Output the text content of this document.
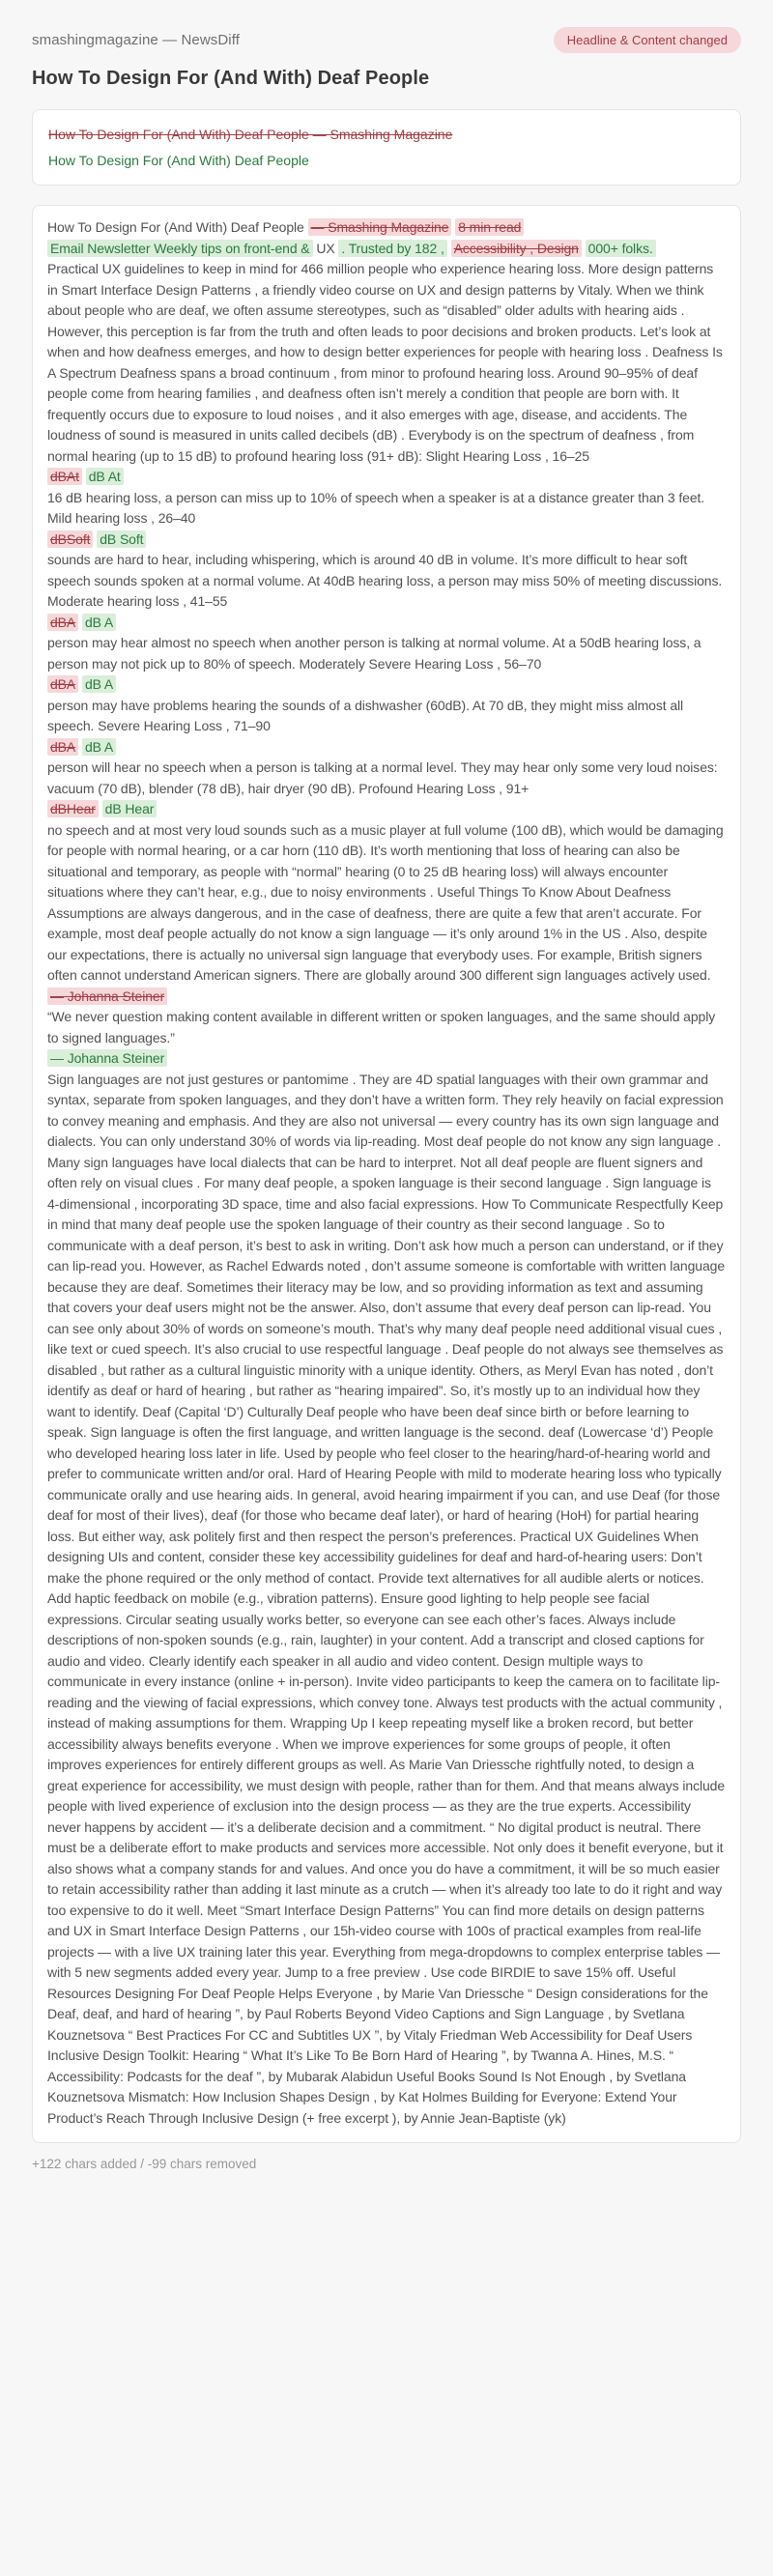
smashingmagazine — NewsDiff	Headline & Content changed
How To Design For (And With) Deaf People
How To Design For (And With) Deaf People — Smashing Magazine
How To Design For (And With) Deaf People
How To Design For (And With) Deaf People — Smashing Magazine 8 min read
Email Newsletter Weekly tips on front-end & UX . Trusted by 182 , Accessibility , Design 000+ folks.
Practical UX guidelines to keep in mind for 466 million people who experience hearing loss. More design patterns in Smart Interface Design Patterns , a friendly video course on UX and design patterns by Vitaly. When we think about people who are deaf, we often assume stereotypes, such as “disabled” older adults with hearing aids . However, this perception is far from the truth and often leads to poor decisions and broken products. Let’s look at when and how deafness emerges, and how to design better experiences for people with hearing loss . Deafness Is A Spectrum Deafness spans a broad continuum , from minor to profound hearing loss. Around 90–95% of deaf people come from hearing families , and deafness often isn’t merely a condition that people are born with. It frequently occurs due to exposure to loud noises , and it also emerges with age, disease, and accidents. The loudness of sound is measured in units called decibels (dB) . Everybody is on the spectrum of deafness , from normal hearing (up to 15 dB) to profound hearing loss (91+ dB): Slight Hearing Loss , 16–25
dBAt dB At
16 dB hearing loss, a person can miss up to 10% of speech when a speaker is at a distance greater than 3 feet. Mild hearing loss , 26–40
dBSoft dB Soft
sounds are hard to hear, including whispering, which is around 40 dB in volume. It’s more difficult to hear soft speech sounds spoken at a normal volume. At 40dB hearing loss, a person may miss 50% of meeting discussions. Moderate hearing loss , 41–55
dBA dB A
person may hear almost no speech when another person is talking at normal volume. At a 50dB hearing loss, a person may not pick up to 80% of speech. Moderately Severe Hearing Loss , 56–70
dBA dB A
person may have problems hearing the sounds of a dishwasher (60dB). At 70 dB, they might miss almost all speech. Severe Hearing Loss , 71–90
dBA dB A
person will hear no speech when a person is talking at a normal level. They may hear only some very loud noises: vacuum (70 dB), blender (78 dB), hair dryer (90 dB). Profound Hearing Loss , 91+
dBHear dB Hear
no speech and at most very loud sounds such as a music player at full volume (100 dB), which would be damaging for people with normal hearing, or a car horn (110 dB). It’s worth mentioning that loss of hearing can also be situational and temporary, as people with “normal” hearing (0 to 25 dB hearing loss) will always encounter situations where they can’t hear, e.g., due to noisy environments . Useful Things To Know About Deafness Assumptions are always dangerous, and in the case of deafness, there are quite a few that aren’t accurate. For example, most deaf people actually do not know a sign language — it’s only around 1% in the US . Also, despite our expectations, there is actually no universal sign language that everybody uses. For example, British signers often cannot understand American signers. There are globally around 300 different sign languages actively used.
— Johanna Steiner
“We never question making content available in different written or spoken languages, and the same should apply to signed languages.”
— Johanna Steiner
Sign languages are not just gestures or pantomime . They are 4D spatial languages with their own grammar and syntax, separate from spoken languages, and they don’t have a written form. They rely heavily on facial expression to convey meaning and emphasis. And they are also not universal — every country has its own sign language and dialects. You can only understand 30% of words via lip-reading. Most deaf people do not know any sign language . Many sign languages have local dialects that can be hard to interpret. Not all deaf people are fluent signers and often rely on visual clues . For many deaf people, a spoken language is their second language . Sign language is 4-dimensional , incorporating 3D space, time and also facial expressions. How To Communicate Respectfully Keep in mind that many deaf people use the spoken language of their country as their second language . So to communicate with a deaf person, it’s best to ask in writing. Don’t ask how much a person can understand, or if they can lip-read you. However, as Rachel Edwards noted , don’t assume someone is comfortable with written language because they are deaf. Sometimes their literacy may be low, and so providing information as text and assuming that covers your deaf users might not be the answer. Also, don’t assume that every deaf person can lip-read. You can see only about 30% of words on someone’s mouth. That’s why many deaf people need additional visual cues , like text or cued speech. It’s also crucial to use respectful language . Deaf people do not always see themselves as disabled , but rather as a cultural linguistic minority with a unique identity. Others, as Meryl Evan has noted , don’t identify as deaf or hard of hearing , but rather as “hearing impaired”. So, it’s mostly up to an individual how they want to identify. Deaf (Capital ‘D’) Culturally Deaf people who have been deaf since birth or before learning to speak. Sign language is often the first language, and written language is the second. deaf (Lowercase ‘d’) People who developed hearing loss later in life. Used by people who feel closer to the hearing/hard-of-hearing world and prefer to communicate written and/or oral. Hard of Hearing People with mild to moderate hearing loss who typically communicate orally and use hearing aids. In general, avoid hearing impairment if you can, and use Deaf (for those deaf for most of their lives), deaf (for those who became deaf later), or hard of hearing (HoH) for partial hearing loss. But either way, ask politely first and then respect the person’s preferences. Practical UX Guidelines When designing UIs and content, consider these key accessibility guidelines for deaf and hard-of-hearing users: Don’t make the phone required or the only method of contact. Provide text alternatives for all audible alerts or notices. Add haptic feedback on mobile (e.g., vibration patterns). Ensure good lighting to help people see facial expressions. Circular seating usually works better, so everyone can see each other’s faces. Always include descriptions of non-spoken sounds (e.g., rain, laughter) in your content. Add a transcript and closed captions for audio and video. Clearly identify each speaker in all audio and video content. Design multiple ways to communicate in every instance (online + in-person). Invite video participants to keep the camera on to facilitate lip-reading and the viewing of facial expressions, which convey tone. Always test products with the actual community , instead of making assumptions for them. Wrapping Up I keep repeating myself like a broken record, but better accessibility always benefits everyone . When we improve experiences for some groups of people, it often improves experiences for entirely different groups as well. As Marie Van Driessche rightfully noted, to design a great experience for accessibility, we must design with people, rather than for them. And that means always include people with lived experience of exclusion into the design process — as they are the true experts. Accessibility never happens by accident — it’s a deliberate decision and a commitment. “ No digital product is neutral. There must be a deliberate effort to make products and services more accessible. Not only does it benefit everyone, but it also shows what a company stands for and values. And once you do have a commitment, it will be so much easier to retain accessibility rather than adding it last minute as a crutch — when it’s already too late to do it right and way too expensive to do it well. Meet “Smart Interface Design Patterns” You can find more details on design patterns and UX in Smart Interface Design Patterns , our 15h-video course with 100s of practical examples from real-life projects — with a live UX training later this year. Everything from mega-dropdowns to complex enterprise tables — with 5 new segments added every year. Jump to a free preview . Use code BIRDIE to save 15% off. Useful Resources Designing For Deaf People Helps Everyone , by Marie Van Driessche “ Design considerations for the Deaf, deaf, and hard of hearing ”, by Paul Roberts Beyond Video Captions and Sign Language , by Svetlana Kouznetsova “ Best Practices For CC and Subtitles UX ”, by Vitaly Friedman Web Accessibility for Deaf Users Inclusive Design Toolkit: Hearing “ What It’s Like To Be Born Hard of Hearing ”, by Twanna A. Hines, M.S. “ Accessibility: Podcasts for the deaf ”, by Mubarak Alabidun Useful Books Sound Is Not Enough , by Svetlana Kouznetsova Mismatch: How Inclusion Shapes Design , by Kat Holmes Building for Everyone: Extend Your Product’s Reach Through Inclusive Design (+ free excerpt ), by Annie Jean-Baptiste (yk)
+122 chars added / -99 chars removed
